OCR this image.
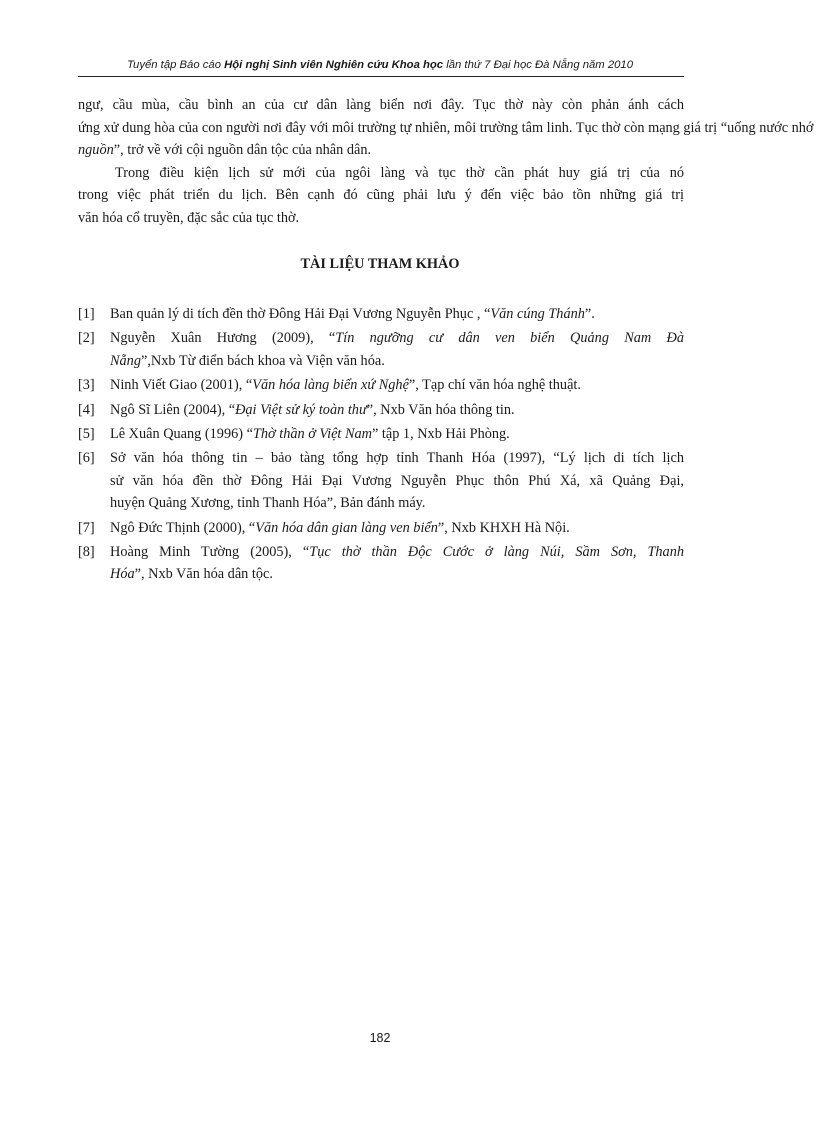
Tuyển tập Báo cáo Hội nghị Sinh viên Nghiên cứu Khoa học lần thứ 7 Đại học Đà Nẵng năm 2010
ngư, cầu mùa, cầu bình an của cư dân làng biển nơi đây. Tục thờ này còn phản ánh cách
ứng xử dung hòa của con người nơi đây với môi trường tự nhiên, môi trường tâm linh. Tục thờ còn mạng giá trị “uống nước nhớ
nguồn”, trở về với cội nguồn dân tộc của nhân dân.
Trong điều kiện lịch sử mới của ngôi làng và tục thờ cần phát huy giá trị của nó
trong việc phát triển du lịch. Bên cạnh đó cũng phải lưu ý đến việc bảo tồn những giá trị
văn hóa cổ truyền, đặc sắc của tục thờ.
TÀI LIỆU THAM KHẢO
[1] Ban quản lý di tích đền thờ Đông Hải Đại Vương Nguyễn Phục , “Văn cúng Thánh”.
[2] Nguyễn Xuân Hương (2009), “Tín ngưỡng cư dân ven biển Quảng Nam Đà
Nẵng”,Nxb Từ điển bách khoa và Viện văn hóa.
[3] Ninh Viết Giao (2001), “Văn hóa làng biển xứ Nghệ”, Tạp chí văn hóa nghệ thuật.
[4] Ngô Sĩ Liên (2004), “Đại Việt sử ký toàn thư”, Nxb Văn hóa thông tin.
[5] Lê Xuân Quang (1996) “Thờ thần ở Việt Nam” tập 1, Nxb Hải Phòng.
[6] Sở văn hóa thông tin – bảo tàng tổng hợp tỉnh Thanh Hóa (1997), “Lý lịch di tích lịch
sử văn hóa đền thờ Đông Hải Đại Vương Nguyễn Phục thôn Phú Xá, xã Quảng Đại,
huyện Quảng Xương, tỉnh Thanh Hóa”, Bản đánh máy.
[7] Ngô Đức Thịnh (2000), “Văn hóa dân gian làng ven biển”, Nxb KHXH Hà Nội.
[8] Hoàng Minh Tường (2005), “Tục thờ thần Độc Cước ở làng Núi, Sầm Sơn, Thanh
Hóa”, Nxb Văn hóa dân tộc.
182
